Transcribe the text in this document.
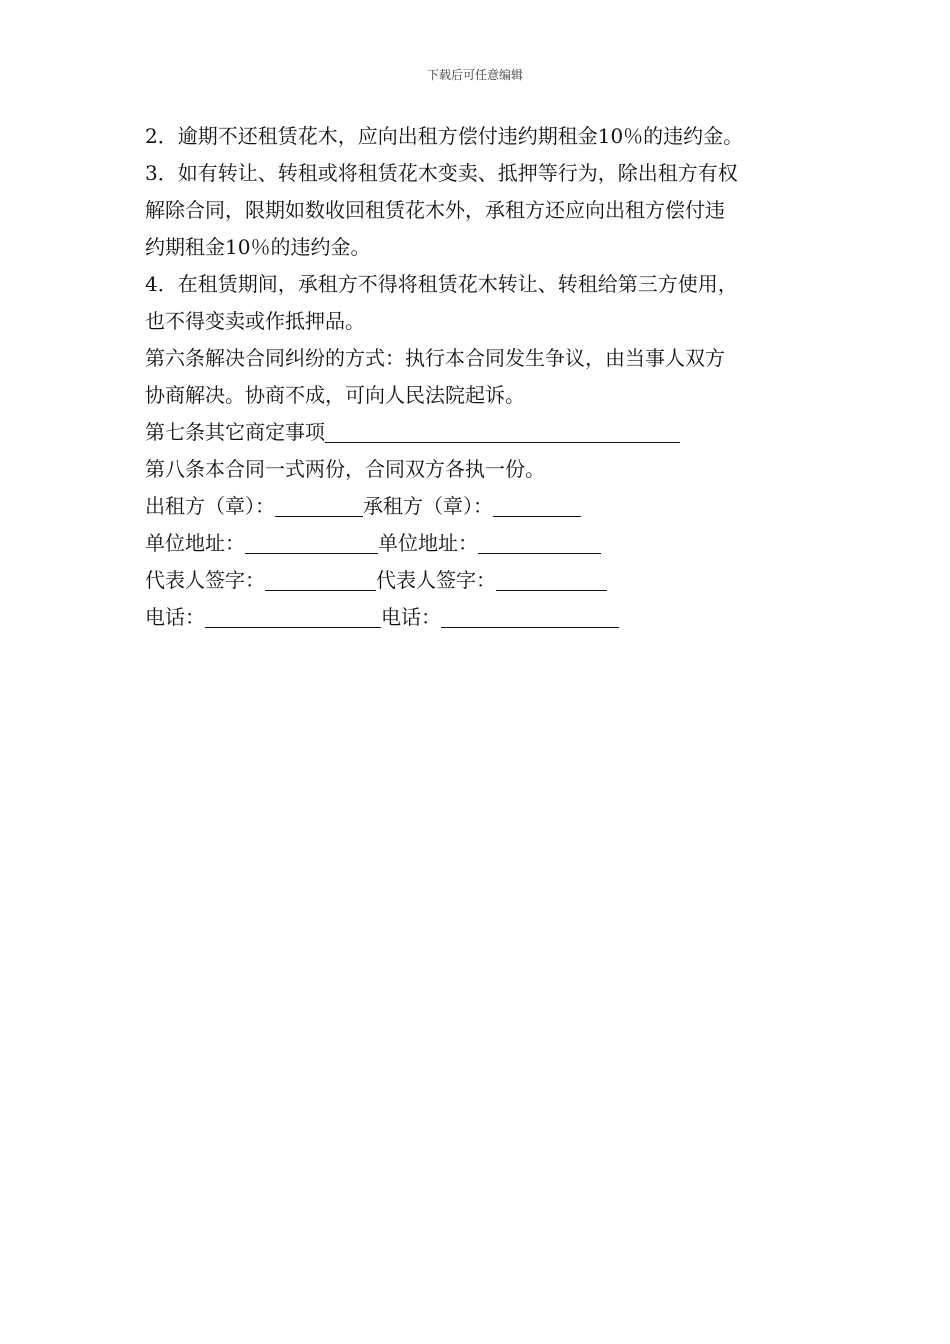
下载后可任意编辑

2．逾期不还租赁花木，应向出租方偿付违约期租金10％的违约金。

3．如有转让、转租或将租赁花木变卖、抵押等行为，除出租方有权

解除合同，限期如数收回租赁花木外，承租方还应向出租方偿付违

约期租金10％的违约金。

4．在租赁期间，承租方不得将租赁花木转让、转租给第三方使用，

也不得变卖或作抵押品。

第六条解决合同纠纷的方式：执行本合同发生争议，由当事人双方

协商解决。协商不成，可向人民法院起诉。

第七条其它商定事项

第八条本合同一式两份，合同双方各执一份。

出租方（章）：	承租方（章）：

单位地址：	单位地址：

代表人签字：	代表人签字：

电话：	电话：
